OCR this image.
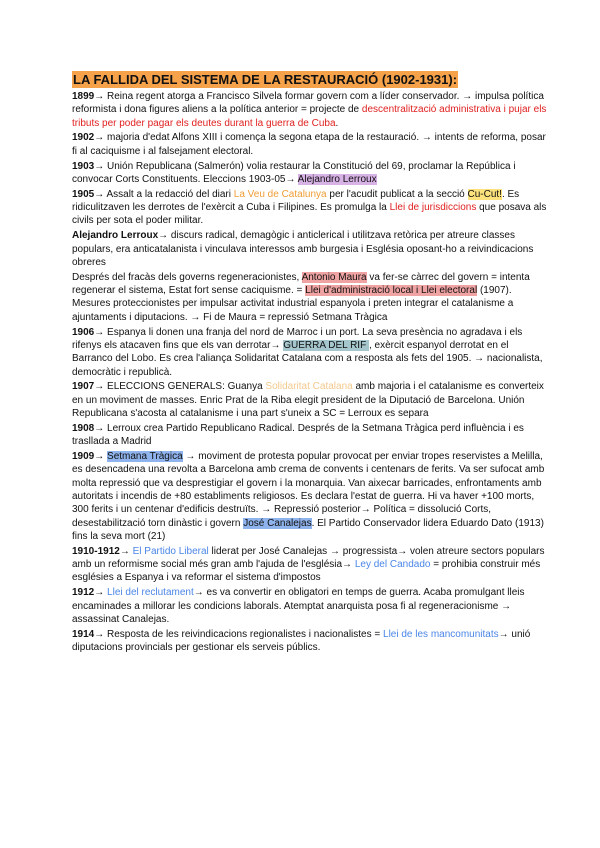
LA FALLIDA DEL SISTEMA DE LA RESTAURACIÓ (1902-1931):

1899→ Reina regent atorga a Francisco Silvela formar govern com a líder conservador. → impulsa política reformista i dona figures aliens a la política anterior = projecte de descentralització administrativa i pujar els tributs per poder pagar els deutes durant la guerra de Cuba.

1902→ majoria d'edat Alfons XIII i comença la segona etapa de la restauració. → intents de reforma, posar fi al caciquisme i al falsejament electoral.

1903→ Unión Republicana (Salmerón) volia restaurar la Constitució del 69, proclamar la República i convocar Corts Constituents. Eleccions 1903-05→ Alejandro Lerroux

1905→ Assalt a la redacció del diari La Veu de Catalunya per l'acudit publicat a la secció Cu-Cut!. Es ridiculitzaven les derrotes de l'exèrcit a Cuba i Filipines. Es promulga la Llei de jurisdiccions que posava als civils per sota el poder militar.

Alejandro Lerroux→ discurs radical, demagògic i anticlerical i utilitzava retòrica per atreure classes populars, era anticatalanista i vinculava interessos amb burgesia i Església oposant-ho a reivindicacions obreres

Després del fracàs dels governs regeneracionistes, Antonio Maura va fer-se càrrec del govern = intenta regenerar el sistema, Estat fort sense caciquisme. = Llei d'administració local i Llei electoral (1907). Mesures proteccionistes per impulsar activitat industrial espanyola i preten integrar el catalanisme a ajuntaments i diputacions. → Fi de Maura = repressió Setmana Tràgica

1906→ Espanya li donen una franja del nord de Marroc i un port. La seva presència no agradava i els rifenys els atacaven fins que els van derrotar→ GUERRA DEL RIF , exèrcit espanyol derrotat en el Barranco del Lobo. Es crea l'aliança Solidaritat Catalana com a resposta als fets del 1905. → nacionalista, democràtic i republicà.

1907→ ELECCIONS GENERALS: Guanya Solidaritat Catalana amb majoria i el catalanisme es converteix en un moviment de masses. Enric Prat de la Riba elegit president de la Diputació de Barcelona. Unión Republicana s'acosta al catalanisme i una part s'uneix a SC = Lerroux es separa

1908→ Lerroux crea Partido Republicano Radical. Després de la Setmana Tràgica perd influència i es trasllada a Madrid

1909→ Setmana Tràgica → moviment de protesta popular provocat per enviar tropes reservistes a Melilla, es desencadena una revolta a Barcelona amb crema de convents i centenars de ferits. Va ser sufocat amb molta repressió que va desprestigiar el govern i la monarquia. Van aixecar barricades, enfrontaments amb autoritats i incendis de +80 establiments religiosos. Es declara l'estat de guerra. Hi va haver +100 morts, 300 ferits i un centenar d'edificis destruïts. → Repressió posterior→ Política = dissolució Corts, desestabilització torn dinàstic i govern José Canalejas. El Partido Conservador lidera Eduardo Dato (1913) fins la seva mort (21)

1910-1912→ El Partido Liberal liderat per José Canalejas → progressista→ volen atreure sectors populars amb un reformisme social més gran amb l'ajuda de l'església→ Ley del Candado = prohibia construir més esglésies a Espanya i va reformar el sistema d'impostos

1912→ Llei del reclutament→ es va convertir en obligatori en temps de guerra. Acaba promulgant lleis encaminades a millorar les condicions laborals. Atemptat anarquista posa fi al regeneracionisme → assassinat Canalejas.

1914→ Resposta de les reivindicacions regionalistes i nacionalistes = Llei de les mancomunitats→ unió diputacions provincials per gestionar els serveis públics.
